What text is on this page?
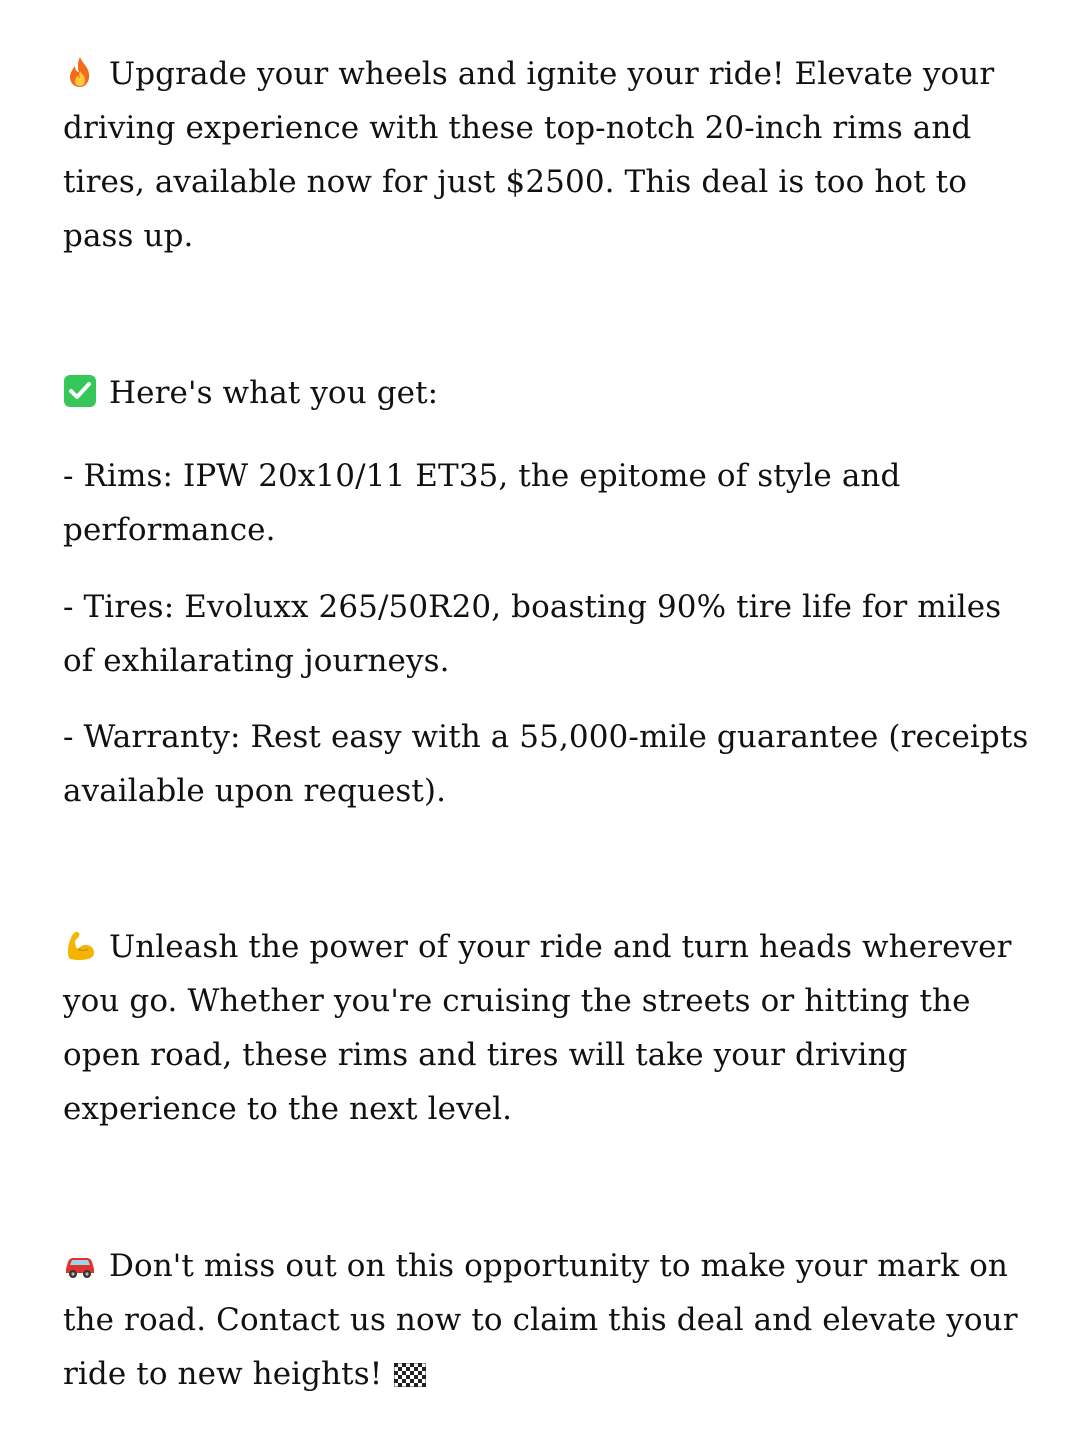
Upgrade your wheels and ignite your ride! Elevate your driving experience with these top-notch 20-inch rims and tires, available now for just $2500. This deal is too hot to pass up.

Here's what you get:

- Rims: IPW 20x10/11 ET35, the epitome of style and performance.

- Tires: Evoluxx 265/50R20, boasting 90% tire life for miles of exhilarating journeys.

- Warranty: Rest easy with a 55,000-mile guarantee (receipts available upon request).

Unleash the power of your ride and turn heads wherever you go. Whether you're cruising the streets or hitting the open road, these rims and tires will take your driving experience to the next level.

Don't miss out on this opportunity to make your mark on the road. Contact us now to claim this deal and elevate your ride to new heights!
